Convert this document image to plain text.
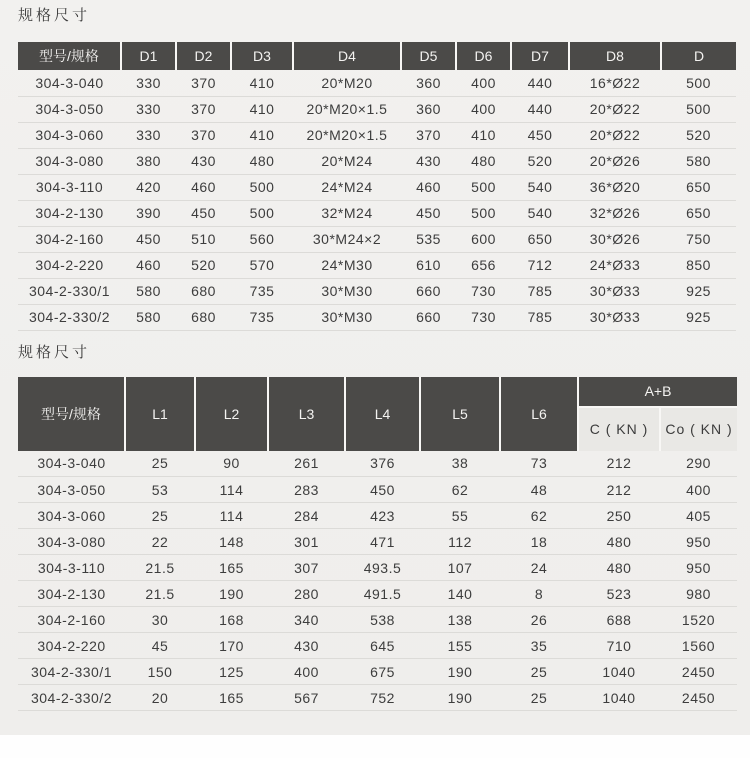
规格尺寸
型号/规格	D1	D2	D3	D4	D5	D6	D7	D8	D
304-3-040	330	370	410	20*M20	360	400	440	16*Ø22	500
304-3-050	330	370	410	20*M20×1.5	360	400	440	20*Ø22	500
304-3-060	330	370	410	20*M20×1.5	370	410	450	20*Ø22	520
304-3-080	380	430	480	20*M24	430	480	520	20*Ø26	580
304-3-110	420	460	500	24*M24	460	500	540	36*Ø20	650
304-2-130	390	450	500	32*M24	450	500	540	32*Ø26	650
304-2-160	450	510	560	30*M24×2	535	600	650	30*Ø26	750
304-2-220	460	520	570	24*M30	610	656	712	24*Ø33	850
304-2-330/1	580	680	735	30*M30	660	730	785	30*Ø33	925
304-2-330/2	580	680	735	30*M30	660	730	785	30*Ø33	925
规格尺寸
型号/规格	L1	L2	L3	L4	L5	L6	A+B	
							C ( KN )	Co ( KN )
304-3-040	25	90	261	376	38	73	212	290
304-3-050	53	114	283	450	62	48	212	400
304-3-060	25	114	284	423	55	62	250	405
304-3-080	22	148	301	471	112	18	480	950
304-3-110	21.5	165	307	493.5	107	24	480	950
304-2-130	21.5	190	280	491.5	140	8	523	980
304-2-160	30	168	340	538	138	26	688	1520
304-2-220	45	170	430	645	155	35	710	1560
304-2-330/1	150	125	400	675	190	25	1040	2450
304-2-330/2	20	165	567	752	190	25	1040	2450
